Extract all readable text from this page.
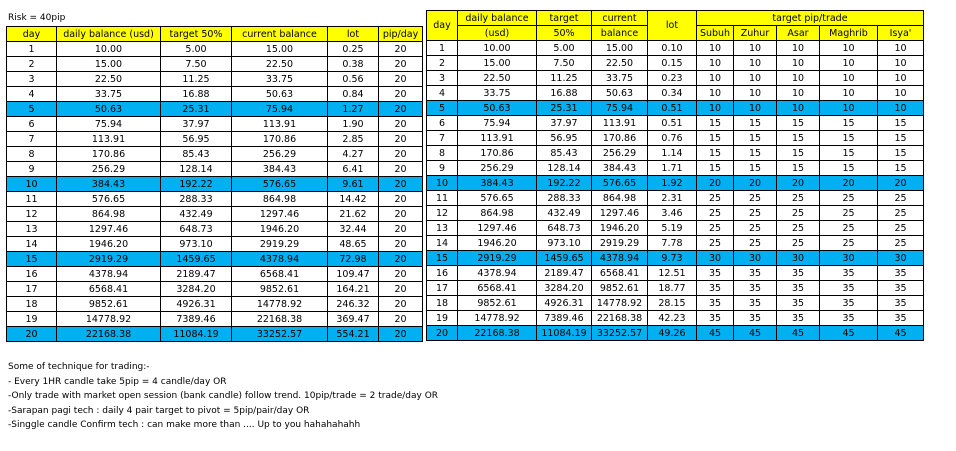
Risk = 40pip
day	daily balance (usd)	target 50%	current balance	lot	pip/day
1	10.00	5.00	15.00	0.25	20
2	15.00	7.50	22.50	0.38	20
3	22.50	11.25	33.75	0.56	20
4	33.75	16.88	50.63	0.84	20
5	50.63	25.31	75.94	1.27	20
6	75.94	37.97	113.91	1.90	20
7	113.91	56.95	170.86	2.85	20
8	170.86	85.43	256.29	4.27	20
9	256.29	128.14	384.43	6.41	20
10	384.43	192.22	576.65	9.61	20
11	576.65	288.33	864.98	14.42	20
12	864.98	432.49	1297.46	21.62	20
13	1297.46	648.73	1946.20	32.44	20
14	1946.20	973.10	2919.29	48.65	20
15	2919.29	1459.65	4378.94	72.98	20
16	4378.94	2189.47	6568.41	109.47	20
17	6568.41	3284.20	9852.61	164.21	20
18	9852.61	4926.31	14778.92	246.32	20
19	14778.92	7389.46	22168.38	369.47	20
20	22168.38	11084.19	33252.57	554.21	20
day	daily balance	target	current	lot	target pip/trade				
	(usd)	50%	balance		Subuh	Zuhur	Asar	Maghrib	Isya'
1	10.00	5.00	15.00	0.10	10	10	10	10	10
2	15.00	7.50	22.50	0.15	10	10	10	10	10
3	22.50	11.25	33.75	0.23	10	10	10	10	10
4	33.75	16.88	50.63	0.34	10	10	10	10	10
5	50.63	25.31	75.94	0.51	10	10	10	10	10
6	75.94	37.97	113.91	0.51	15	15	15	15	15
7	113.91	56.95	170.86	0.76	15	15	15	15	15
8	170.86	85.43	256.29	1.14	15	15	15	15	15
9	256.29	128.14	384.43	1.71	15	15	15	15	15
10	384.43	192.22	576.65	1.92	20	20	20	20	20
11	576.65	288.33	864.98	2.31	25	25	25	25	25
12	864.98	432.49	1297.46	3.46	25	25	25	25	25
13	1297.46	648.73	1946.20	5.19	25	25	25	25	25
14	1946.20	973.10	2919.29	7.78	25	25	25	25	25
15	2919.29	1459.65	4378.94	9.73	30	30	30	30	30
16	4378.94	2189.47	6568.41	12.51	35	35	35	35	35
17	6568.41	3284.20	9852.61	18.77	35	35	35	35	35
18	9852.61	4926.31	14778.92	28.15	35	35	35	35	35
19	14778.92	7389.46	22168.38	42.23	35	35	35	35	35
20	22168.38	11084.19	33252.57	49.26	45	45	45	45	45
Some of technique for trading:-
- Every 1HR candle take 5pip = 4 candle/day OR
-Only trade with market open session (bank candle) follow trend. 10pip/trade = 2 trade/day OR
-Sarapan pagi tech : daily 4 pair target to pivot = 5pip/pair/day OR
-Singgle candle Confirm tech : can make more than .... Up to you hahahahahh
